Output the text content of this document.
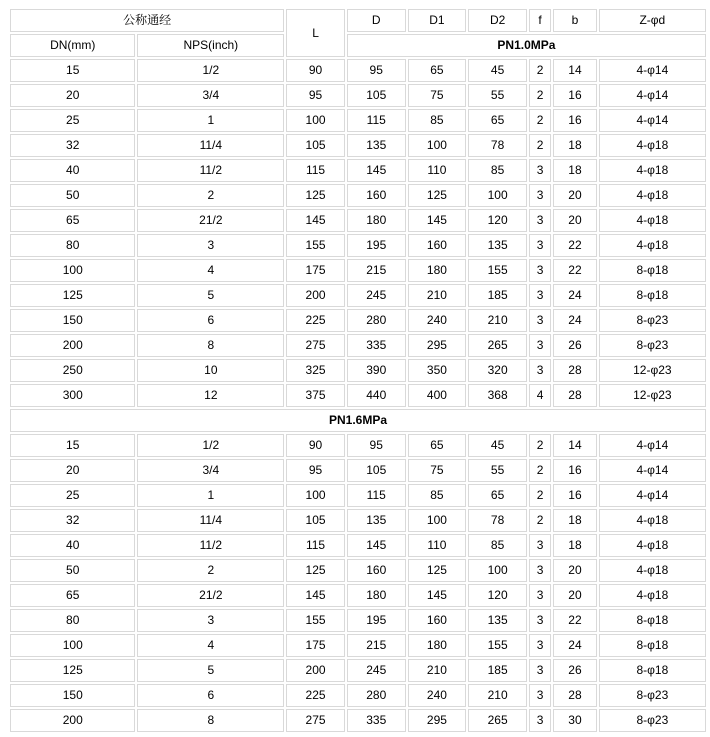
公称通经		L	D	D1	D2	f	b	Z-φd
DN(mm)	NPS(inch)		PN1.0MPa					
15	1/2	90	95	65	45	2	14	4-φ14
20	3/4	95	105	75	55	2	16	4-φ14
25	1	100	115	85	65	2	16	4-φ14
32	11/4	105	135	100	78	2	18	4-φ18
40	11/2	115	145	110	85	3	18	4-φ18
50	2	125	160	125	100	3	20	4-φ18
65	21/2	145	180	145	120	3	20	4-φ18
80	3	155	195	160	135	3	22	4-φ18
100	4	175	215	180	155	3	22	8-φ18
125	5	200	245	210	185	3	24	8-φ18
150	6	225	280	240	210	3	24	8-φ23
200	8	275	335	295	265	3	26	8-φ23
250	10	325	390	350	320	3	28	12-φ23
300	12	375	440	400	368	4	28	12-φ23
PN1.6MPa								
15	1/2	90	95	65	45	2	14	4-φ14
20	3/4	95	105	75	55	2	16	4-φ14
25	1	100	115	85	65	2	16	4-φ14
32	11/4	105	135	100	78	2	18	4-φ18
40	11/2	115	145	110	85	3	18	4-φ18
50	2	125	160	125	100	3	20	4-φ18
65	21/2	145	180	145	120	3	20	4-φ18
80	3	155	195	160	135	3	22	8-φ18
100	4	175	215	180	155	3	24	8-φ18
125	5	200	245	210	185	3	26	8-φ18
150	6	225	280	240	210	3	28	8-φ23
200	8	275	335	295	265	3	30	8-φ23
